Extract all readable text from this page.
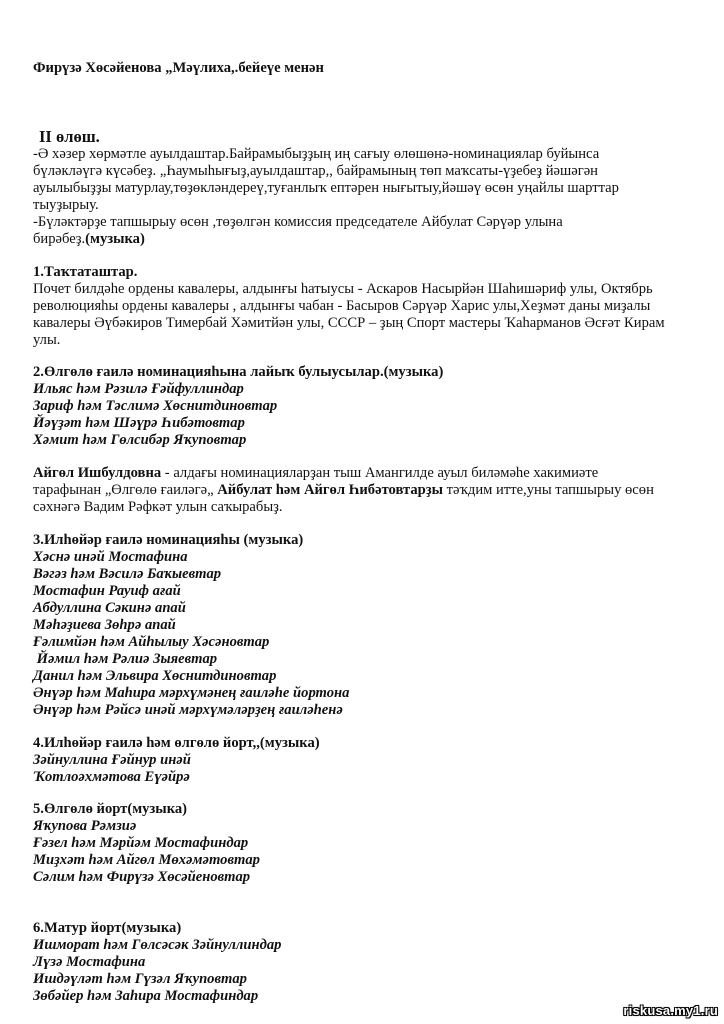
Фирүзә Хөсәйенова „Мәүлиха,.бейеүе менән
II өлөш.
-Ә хәзер хөрмәтле ауылдаштар.Байрамыбыҙҙың иң сағыу өлөшөнә-номинациялар буйынса
бүләкләүгә күсәбеҙ. „Һаумыһығыҙ,ауылдаштар,, байрамының төп маҡсаты-үҙебеҙ йәшәгән
ауылыбыҙҙы матурлау,төҙөкләндереү,туғанлыҡ ептәрен нығытыу,йәшәү өсөн уңайлы шарттар
тыуҙырыу.
-Бүләктәрҙе тапшырыу өсөн ,төҙөлгән комиссия председателе Айбулат Сәрүәр улына
бирәбеҙ.(музыка)
1.Таҡтаташтар.
Почет билдәһе ордены кавалеры, алдынғы һатыусы - Аскаров Насырйән Шаһишәриф улы, Октябрь
революцияһы ордены кавалеры , алдынғы чабан - Басыров Сәрүәр Харис улы,Хеҙмәт даны миҙалы
кавалеры Әүбәкиров Тимербай Хәмитйән улы, СССР – ҙың Спорт мастеры Ҡаһарманов Әсғәт Кирам
улы.
2.Өлгөлө ғаилә номинацияһына лайыҡ булыусылар.(музыка)
Ильяс һәм Рәзилә Ғәйфуллиндар
Зариф һәм Тәслимә Хөснитдиновтар
Йәүҙәт һәм Шәүрә Һибәтовтар
Хәмит һәм Гөлсибәр Яҡуповтар
Айгөл Ишбулдовна - алдағы номинацияларҙан тыш Амангилде ауыл биләмәһе хакимиәте
тарафынан „Өлгөлө ғаиләгә„ Айбулат һәм Айгөл Һибәтовтарҙы тәҡдим итте,уны тапшырыу өсөн
сәхнәгә Вадим Рәфкәт улын саҡырабыҙ.
3.Илһөйәр ғаилә номинацияһы (музыка)
Хәснә инәй Мостафина
Вәгәз һәм Вәсилә Баҡыевтар
Мостафин Рауиф ағай
Абдуллина Сәкинә апай
Мәһәҙиева Зөһрә апай
Ғәлимйән һәм Айһылыу Хәсәновтар
Йәмил һәм Рәлиә Зыяевтар
Данил һәм Эльвира Хөснитдиновтар
Әнүәр һәм Маһира мәрхүмәнең ғаиләһе йортона
Әнүәр һәм Рәйсә инәй мәрхүмәләрҙең ғаиләһенә
4.Илһөйәр ғаилә һәм өлгөлө йорт,,(музыка)
Зәйнуллина Ғәйнур инәй
Ҡотлоәхмәтова Еүәйрә
5.Өлгөлө йорт(музыка)
Яҡупова Рәмзиә
Ғәзел һәм Мәрйәм Мостафиндар
Миҙхәт һәм Айгөл Мөхәмәтовтар
Сәлим һәм Фирүзә Хөсәйеновтар
6.Матур йорт(музыка)
Ишморат һәм Гөлсәсәк Зәйнуллиндар
Лүзә Мостафина
Ишдәүләт һәм Гүзәл Яҡуповтар
Зөбәйер һәм Заһира Мостафиндар
riskusa.my1.ru
